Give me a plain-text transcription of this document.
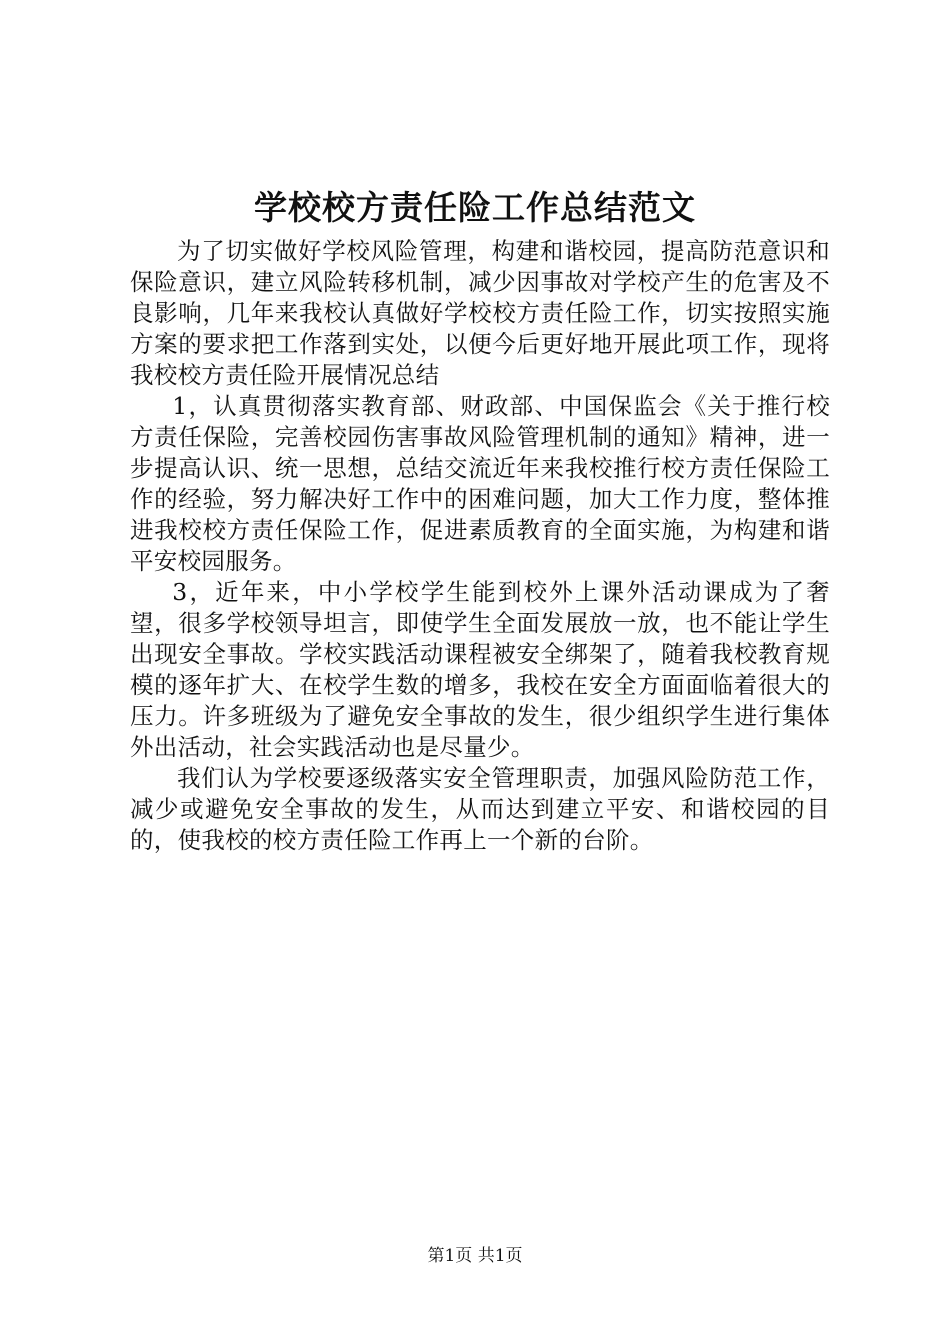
学校校方责任险工作总结范文

为了切实做好学校风险管理，构建和谐校园，提高防范意识和保险意识，建立风险转移机制，减少因事故对学校产生的危害及不良影响，几年来我校认真做好学校校方责任险工作，切实按照实施方案的要求把工作落到实处，以便今后更好地开展此项工作，现将我校校方责任险开展情况总结

1，认真贯彻落实教育部、财政部、中国保监会《关于推行校方责任保险，完善校园伤害事故风险管理机制的通知》精神，进一步提高认识、统一思想，总结交流近年来我校推行校方责任保险工作的经验，努力解决好工作中的困难问题，加大工作力度，整体推进我校校方责任保险工作，促进素质教育的全面实施，为构建和谐平安校园服务。

3，近年来，中小学校学生能到校外上课外活动课成为了奢望，很多学校领导坦言，即使学生全面发展放一放，也不能让学生出现安全事故。学校实践活动课程被安全绑架了，随着我校教育规模的逐年扩大、在校学生数的增多，我校在安全方面面临着很大的压力。许多班级为了避免安全事故的发生，很少组织学生进行集体外出活动，社会实践活动也是尽量少。

我们认为学校要逐级落实安全管理职责，加强风险防范工作，减少或避免安全事故的发生，从而达到建立平安、和谐校园的目的，使我校的校方责任险工作再上一个新的台阶。

第1页 共1页
